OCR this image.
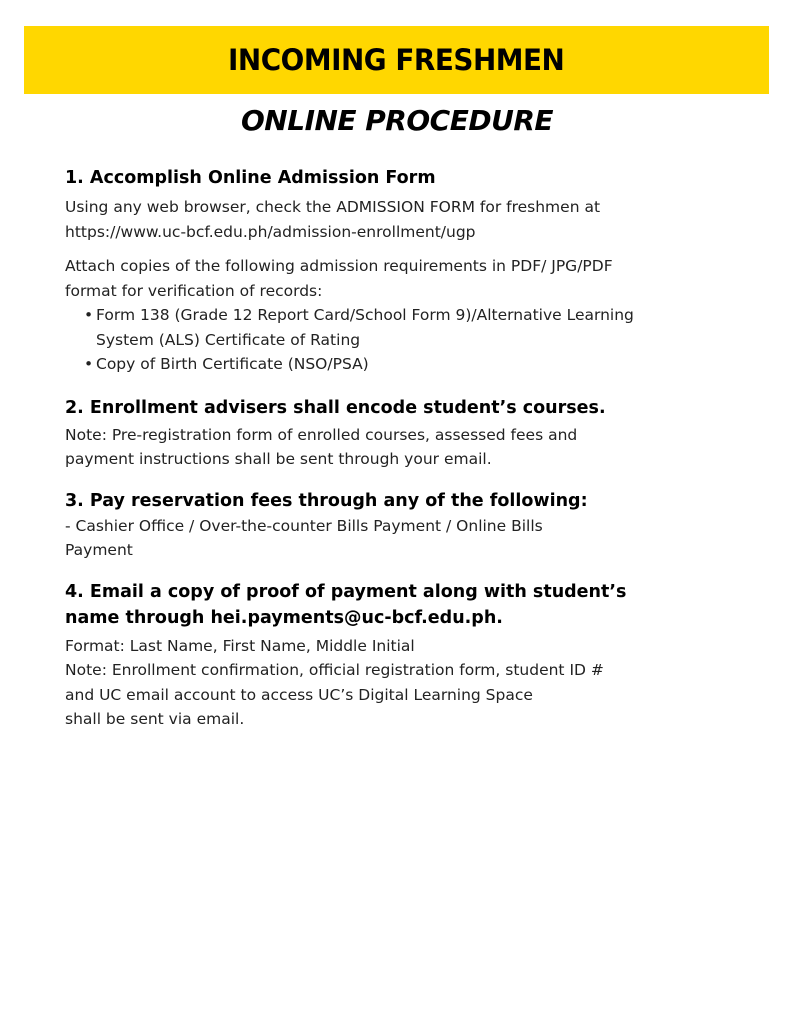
INCOMING FRESHMEN
ONLINE PROCEDURE
1. Accomplish Online Admission Form

Using any web browser, check the ADMISSION FORM for freshmen at
https://www.uc-bcf.edu.ph/admission-enrollment/ugp

Attach copies of the following admission requirements in PDF/ JPG/PDF
format for verification of records:

• Form 138 (Grade 12 Report Card/School Form 9)/Alternative Learning
System (ALS) Certificate of Rating
• Copy of Birth Certificate (NSO/PSA)
2. Enrollment advisers shall encode student’s courses.

Note: Pre-registration form of enrolled courses, assessed fees and
payment instructions shall be sent through your email.

3. Pay reservation fees through any of the following:

- Cashier Office / Over-the-counter Bills Payment / Online Bills
Payment

4. Email a copy of proof of payment along with student’s
name through hei.payments@uc-bcf.edu.ph.

Format: Last Name, First Name, Middle Initial
Note: Enrollment confirmation, official registration form, student ID #
and UC email account to access UC’s Digital Learning Space
shall be sent via email.
